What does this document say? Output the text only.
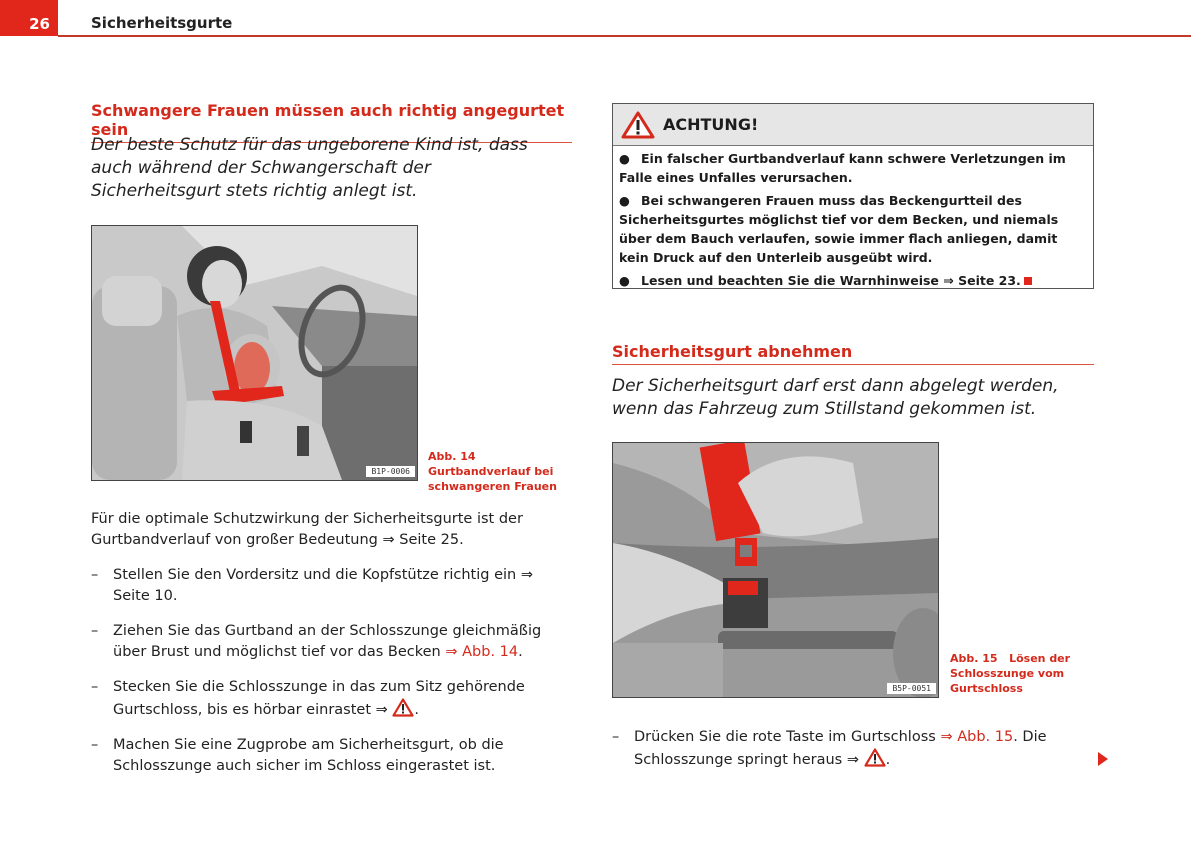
26	Sicherheitsgurte
Schwangere Frauen müssen auch richtig angegurtet sein
Der beste Schutz für das ungeborene Kind ist, dass auch während der Schwangerschaft der Sicherheitsgurt stets richtig anlegt ist.
B1P-0006
Abb. 14   Gurtbandverlauf bei schwangeren Frauen
Für die optimale Schutzwirkung der Sicherheitsgurte ist der Gurtbandverlauf von großer Bedeutung ⇒ Seite 25.
– Stellen Sie den Vordersitz und die Kopfstütze richtig ein ⇒ Seite 10.
– Ziehen Sie das Gurtband an der Schlosszunge gleichmäßig über Brust und möglichst tief vor das Becken ⇒ Abb. 14.
– Stecken Sie die Schlosszunge in das zum Sitz gehörende Gurtschloss, bis es hörbar einrastet ⇒ .
– Machen Sie eine Zugprobe am Sicherheitsgurt, ob die Schlosszunge auch sicher im Schloss eingerastet ist.
ACHTUNG!

● Ein falscher Gurtbandverlauf kann schwere Verletzungen im Falle eines Unfalles verursachen.

● Bei schwangeren Frauen muss das Beckengurtteil des Sicherheitsgurtes möglichst tief vor dem Becken, und niemals über dem Bauch verlaufen, sowie immer flach anliegen, damit kein Druck auf den Unterleib ausgeübt wird.

● Lesen und beachten Sie die Warnhinweise ⇒ Seite 23.

Sicherheitsgurt abnehmen
Der Sicherheitsgurt darf erst dann abgelegt werden, wenn das Fahrzeug zum Stillstand gekommen ist.
B5P-0051
Abb. 15 Lösen der Schlosszunge vom Gurtschloss
– Drücken Sie die rote Taste im Gurtschloss ⇒ Abb. 15. Die Schlosszunge springt heraus ⇒ .
